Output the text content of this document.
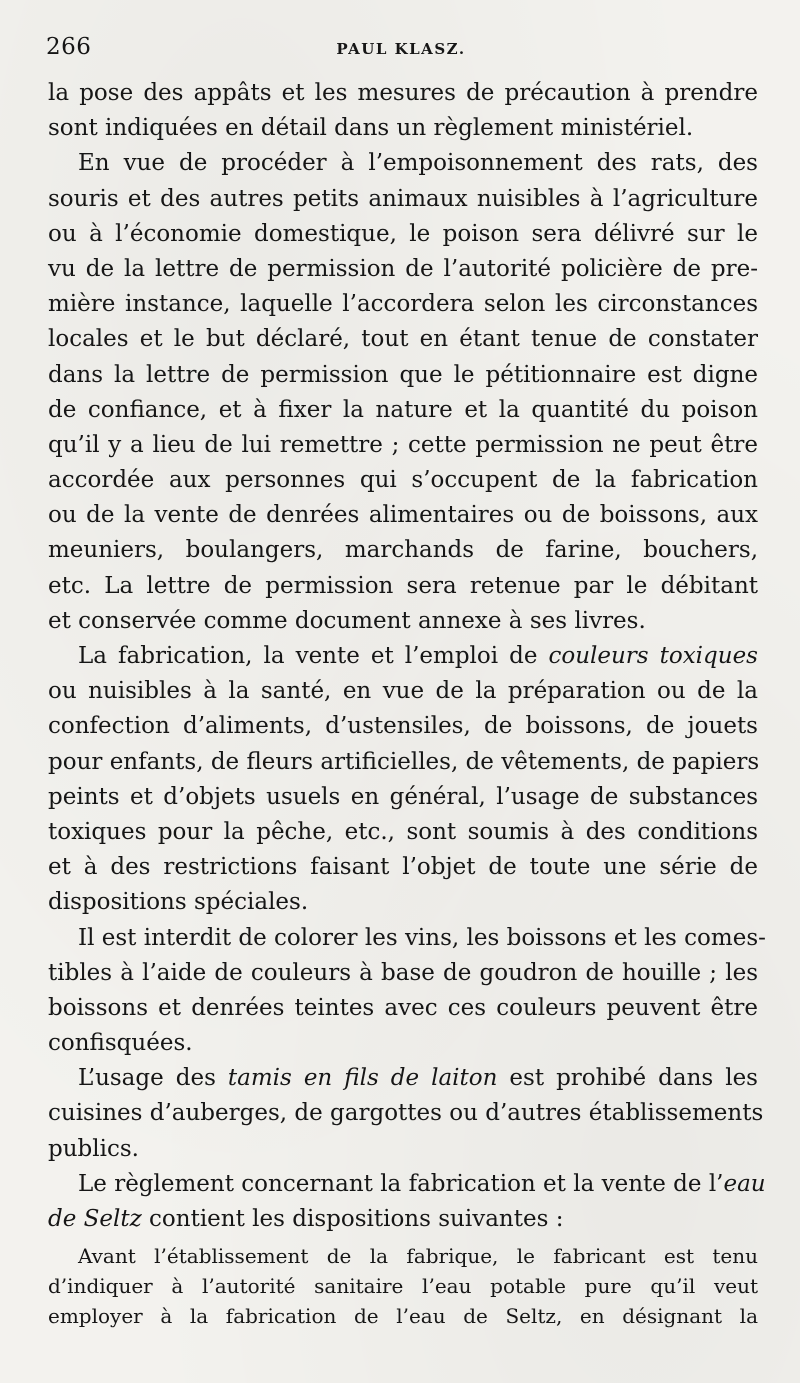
266	PAUL KLASZ.
la pose des appâts et les mesures de précaution à prendre
sont indiquées en détail dans un règlement ministériel.
En vue de procéder à l’empoisonnement des rats, des
souris et des autres petits animaux nuisibles à l’agriculture
ou à l’économie domestique, le poison sera délivré sur le
vu de la lettre de permission de l’autorité policière de pre-
mière instance, laquelle l’accordera selon les circonstances
locales et le but déclaré, tout en étant tenue de constater
dans la lettre de permission que le pétitionnaire est digne
de confiance, et à fixer la nature et la quantité du poison
qu’il y a lieu de lui remettre ; cette permission ne peut être
accordée aux personnes qui s’occupent de la fabrication
ou de la vente de denrées alimentaires ou de boissons, aux
meuniers, boulangers, marchands de farine, bouchers,
etc. La lettre de permission sera retenue par le débitant
et conservée comme document annexe à ses livres.
La fabrication, la vente et l’emploi de couleurs toxiques
ou nuisibles à la santé, en vue de la préparation ou de la
confection d’aliments, d’ustensiles, de boissons, de jouets
pour enfants, de fleurs artificielles, de vêtements, de papiers
peints et d’objets usuels en général, l’usage de substances
toxiques pour la pêche, etc., sont soumis à des conditions
et à des restrictions faisant l’objet de toute une série de
dispositions spéciales.
Il est interdit de colorer les vins, les boissons et les comes-
tibles à l’aide de couleurs à base de goudron de houille ; les
boissons et denrées teintes avec ces couleurs peuvent être
confisquées.
L’usage des tamis en fils de laiton est prohibé dans les
cuisines d’auberges, de gargottes ou d’autres établissements
publics.
Le règlement concernant la fabrication et la vente de l’eau
de Seltz contient les dispositions suivantes :
Avant l’établissement de la fabrique, le fabricant est tenu
d’indiquer à l’autorité sanitaire l’eau potable pure qu’il veut
employer à la fabrication de l’eau de Seltz, en désignant la
